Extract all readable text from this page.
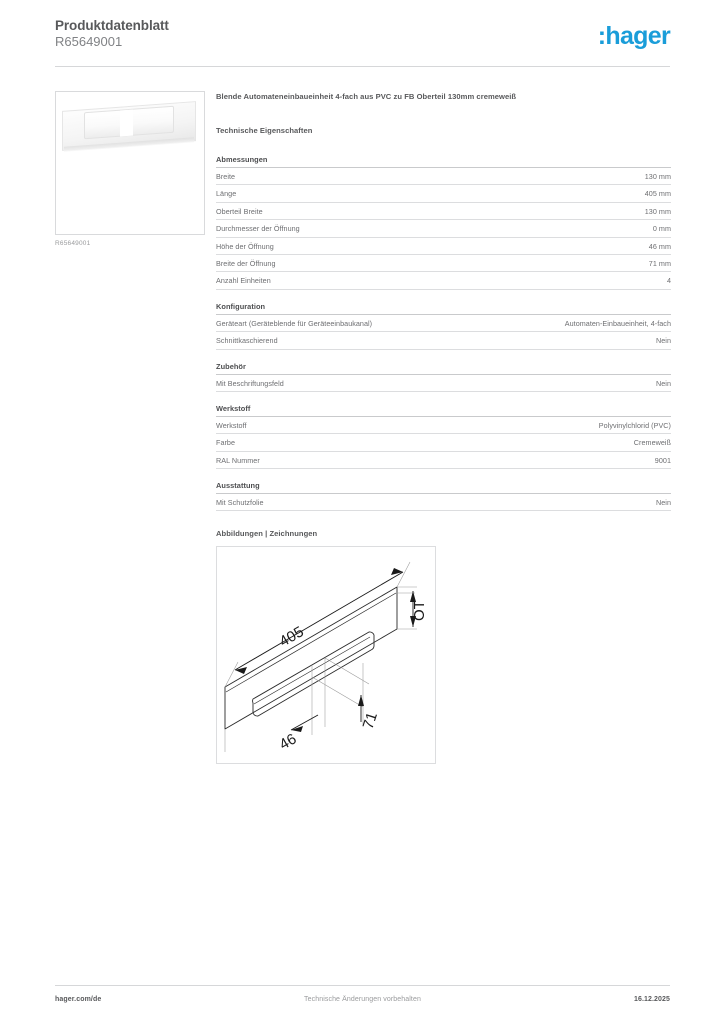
Produktdatenblatt
R65649001	:hager
R65649001
Blende Automateneinbaueinheit 4-fach aus PVC zu FB Oberteil 130mm cremeweiß
Technische Eigenschaften
Abmessungen
Breite	130 mm
Länge	405 mm
Oberteil Breite	130 mm
Durchmesser der Öffnung	0 mm
Höhe der Öffnung	46 mm
Breite der Öffnung	71 mm
Anzahl Einheiten	4
Konfiguration
Geräteart (Geräteblende für Geräteeinbaukanal)	Automaten-Einbaueinheit, 4-fach
Schnittkaschierend	Nein
Zubehör
Mit Beschriftungsfeld	Nein
Werkstoff
Werkstoff	Polyvinylchlorid (PVC)
Farbe	Cremeweiß
RAL Nummer	9001
Ausstattung
Mit Schutzfolie	Nein
Abbildungen | Zeichnungen
405
OT
46
71
hager.com/de	Technische Änderungen vorbehalten	16.12.2025
